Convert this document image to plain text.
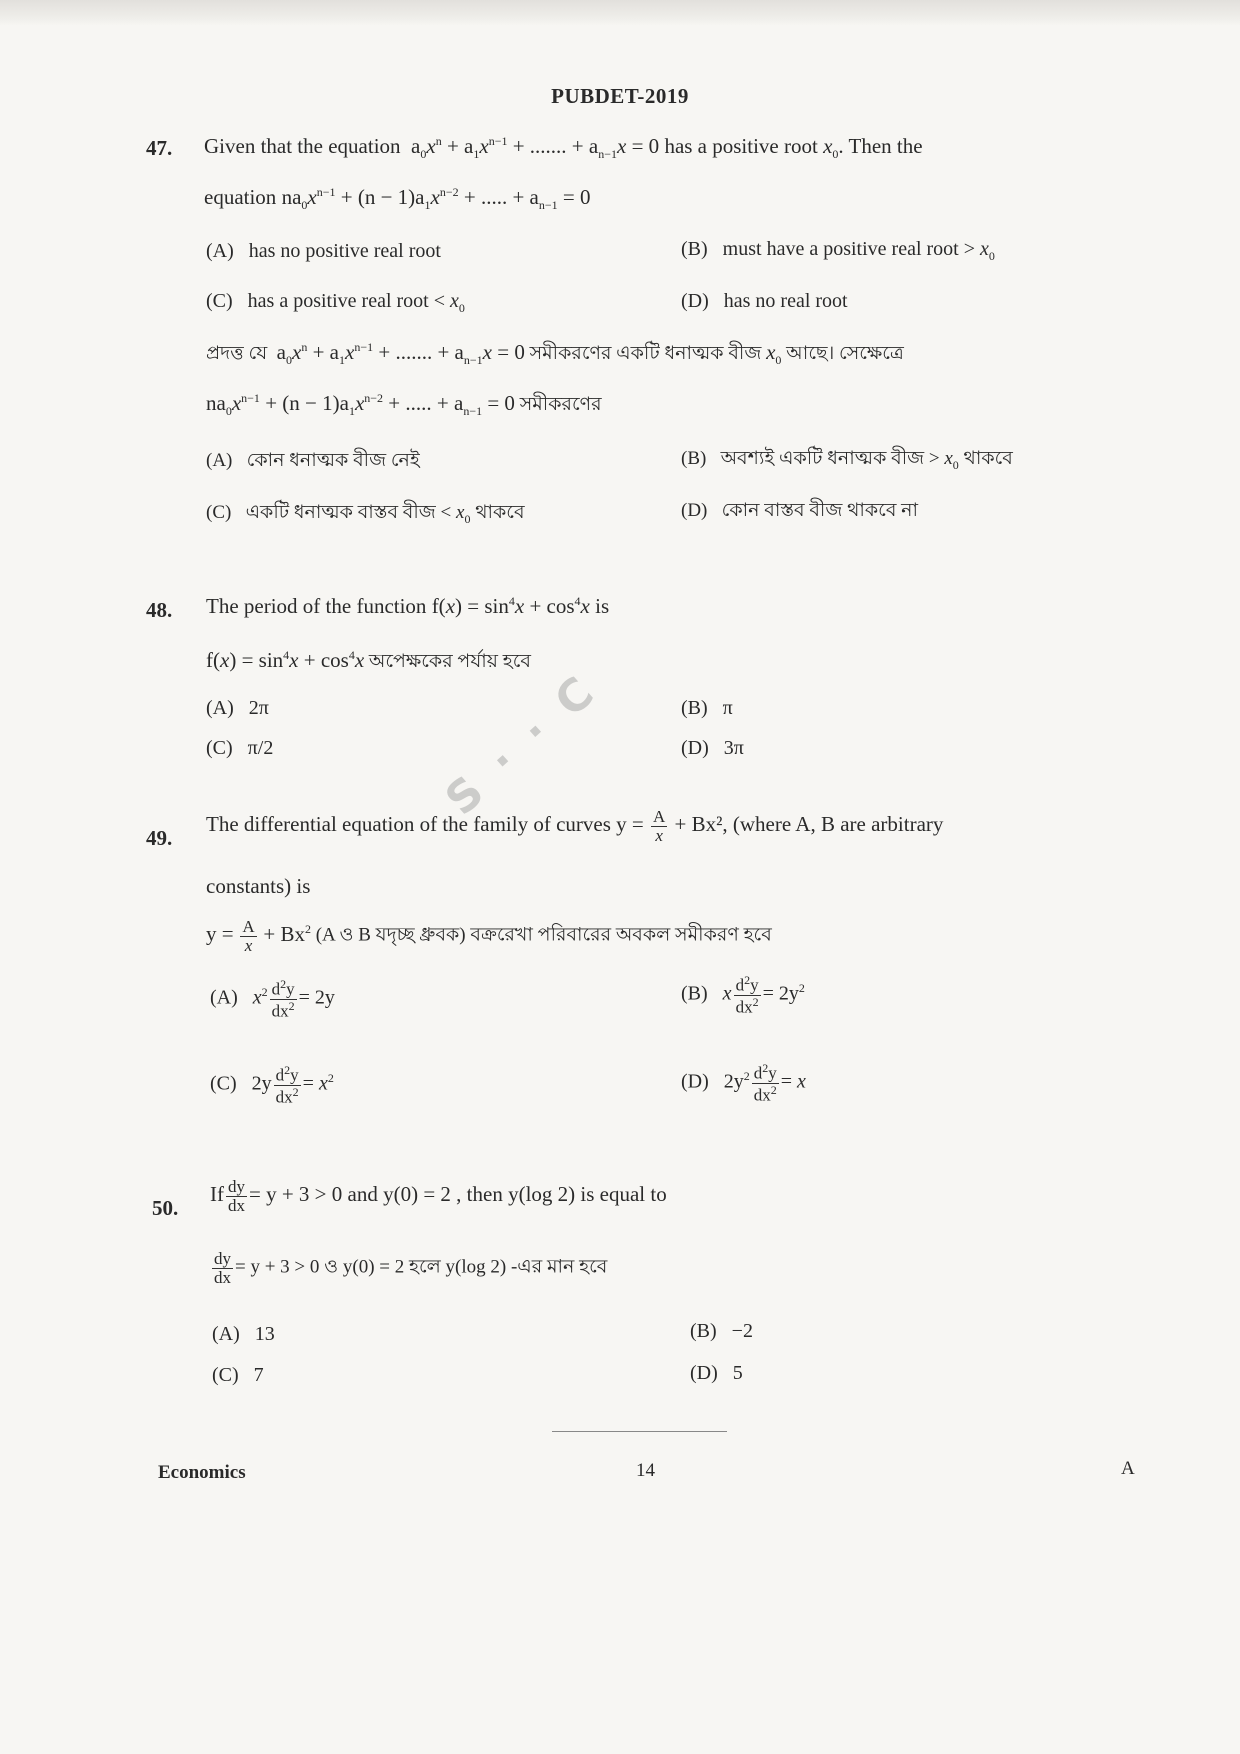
PUBDET-2019
S · · C
47. Given that the equation $a_0x^n + a_1x^{n-1}$ + ....... + $a_{n-1}x = 0$ has a positive root $x_0$. Then the
equation $na_0x^{n-1} + (n - 1)a_1x^{n-2}$ + ..... + $a_{n-1} = 0$
(A) has no positive real root	(B) must have a positive real root > $x_0$
(C) has a positive real root < $x_0$	(D) has no real root
প্রদত্ত যে $a_0x^n + a_1x^{n-1}$ + ....... + $a_{n-1}x = 0$ সমীকরণের একটি ধনাত্মক বীজ $x_0$ আছে। সেক্ষেত্রে
$na_0x^{n-1} + (n - 1)a_1x^{n-2}$ + ..... + $a_{n-1} = 0$ সমীকরণের
(A) কোন ধনাত্মক বীজ নেই	(B) অবশ্যই একটি ধনাত্মক বীজ > $x_0$ থাকবে
(C) একটি ধনাত্মক বাস্তব বীজ < $x_0$ থাকবে	(D) কোন বাস্তব বীজ থাকবে না
48. The period of the function $f(x) = \sin^4x + \cos^4x$ is
$f(x) = \sin^4x + \cos^4x$ অপেক্ষকের পর্যায় হবে
(A) 2π	(B) π
(C) π/2	(D) 3π
49.
The differential equation of the family of curves $y = \frac{A}{x} + Bx^2$, (where A, B are arbitrary
constants) is
$y = \frac{A}{x} + Bx^2$ (A ও B যদৃচ্ছ ধ্রুবক) বক্ররেখা পরিবারের অবকল সমীকরণ হবে
(A) $x^2 \frac{d^2y}{dx^2} = 2y$	(B) x $\frac{d^2y}{dx^2} = 2y^2$
(C)   $2y \frac{d^2y}{dx^2} = x^2$	(D)   $2y^2 \frac{d^2y}{dx^2} = x$
50.
If $\frac{dy}{dx} = y + 3 > 0$ and y(0) = 2 , then y(log 2) is equal to
$\frac{dy}{dx} = y + 3 > 0$ ও y(0) = 2 হলে y(log 2) -এর মান হবে
(A) 13	(B) −2
(C) 7	(D) 5
Economics	14	A
